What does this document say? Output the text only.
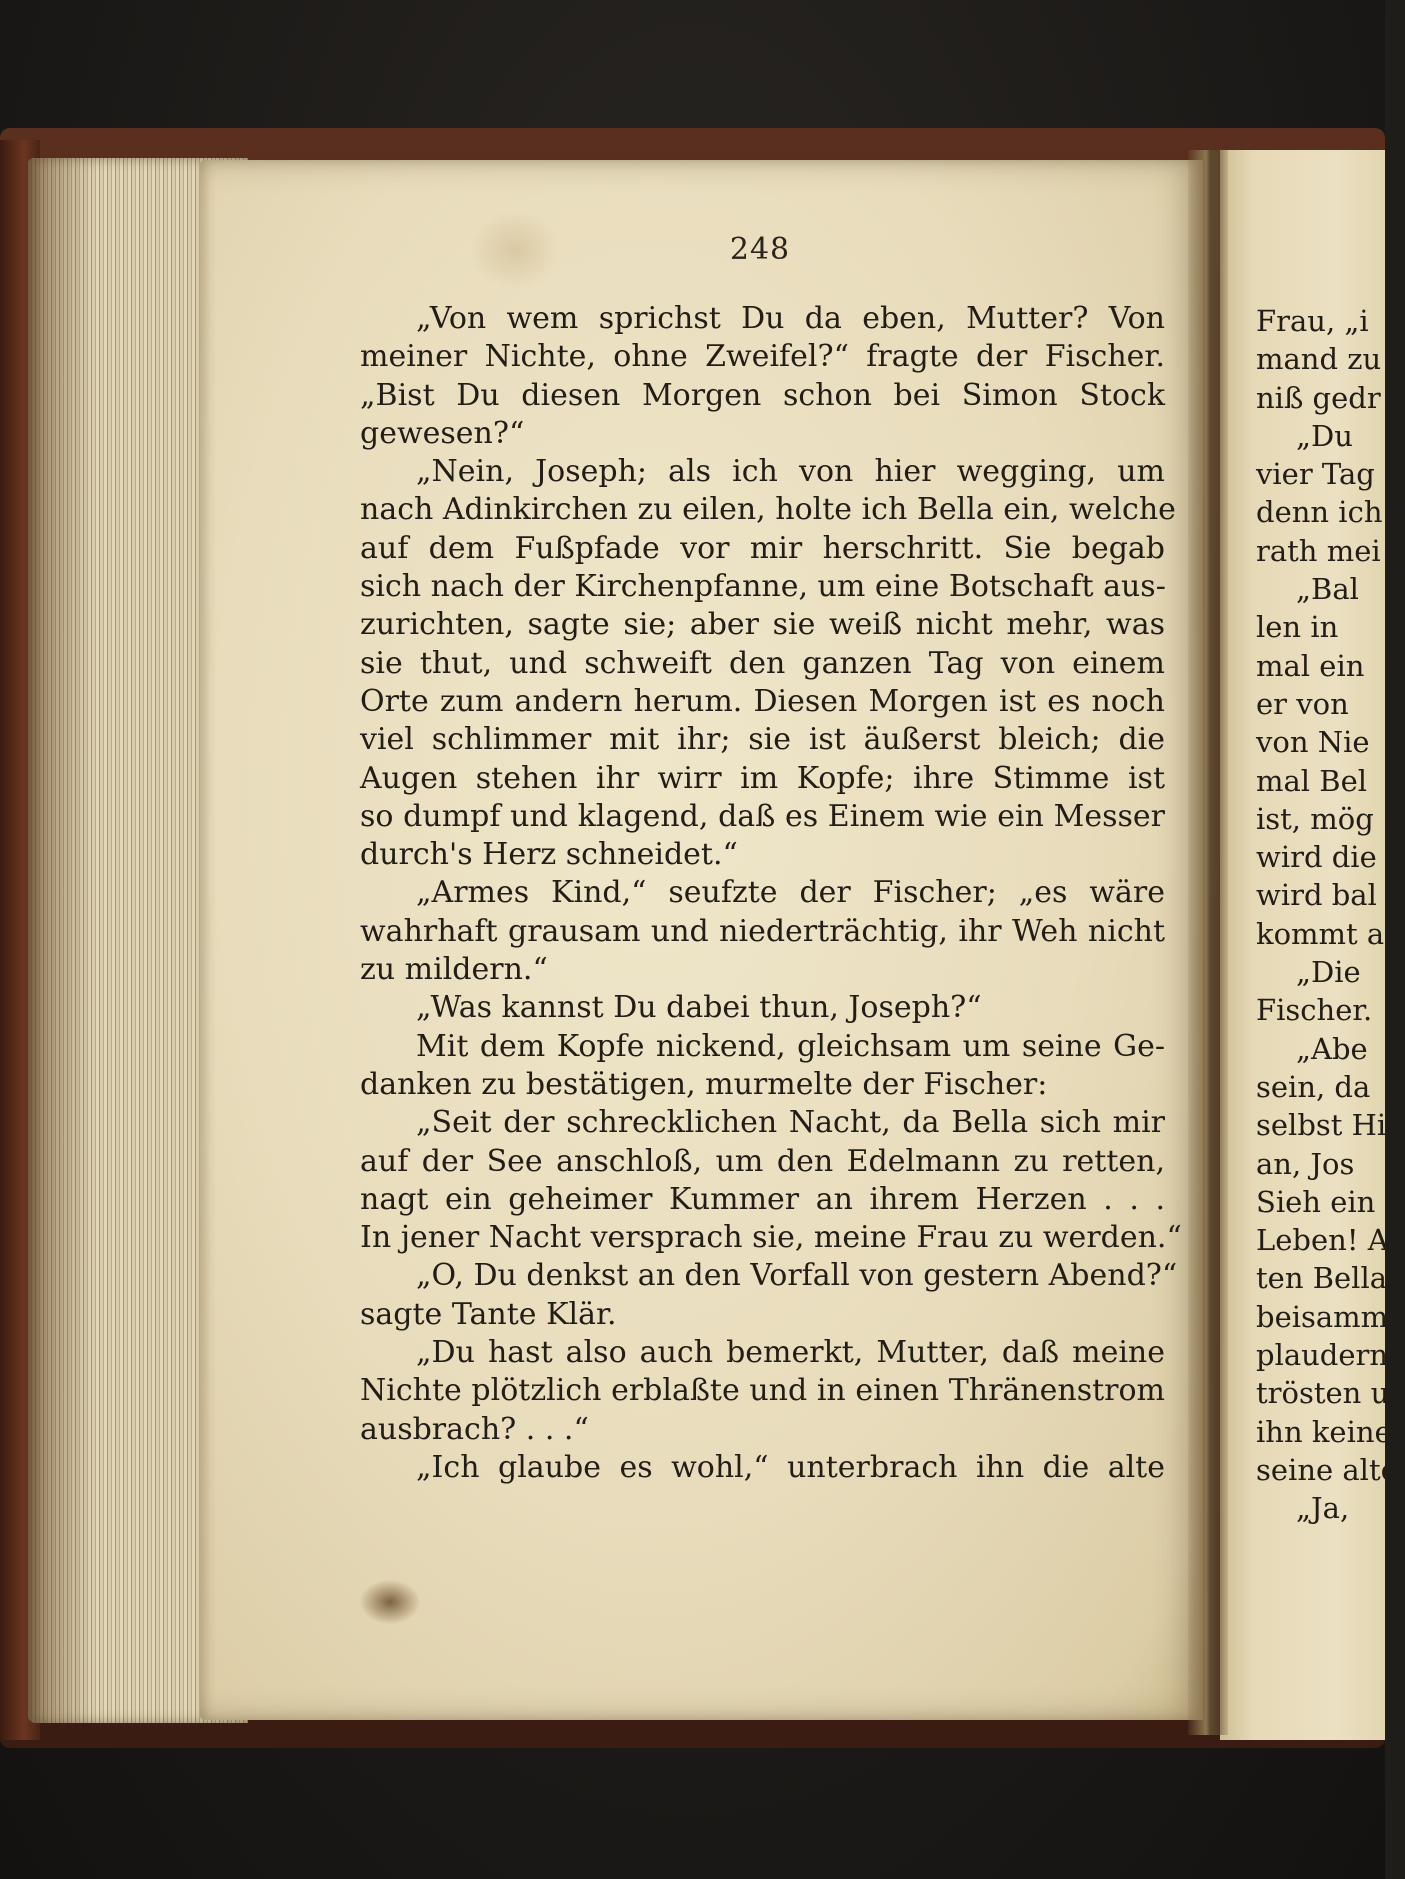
248
„Von wem sprichst Du da eben, Mutter? Von
meiner Nichte, ohne Zweifel?“ fragte der Fischer.
„Bist Du diesen Morgen schon bei Simon Stock
gewesen?“
„Nein, Joseph; als ich von hier wegging, um
nach Adinkirchen zu eilen, holte ich Bella ein, welche
auf dem Fußpfade vor mir herschritt. Sie begab
sich nach der Kirchenpfanne, um eine Botschaft aus-
zurichten, sagte sie; aber sie weiß nicht mehr, was
sie thut, und schweift den ganzen Tag von einem
Orte zum andern herum. Diesen Morgen ist es noch
viel schlimmer mit ihr; sie ist äußerst bleich; die
Augen stehen ihr wirr im Kopfe; ihre Stimme ist
so dumpf und klagend, daß es Einem wie ein Messer
durch's Herz schneidet.“
„Armes Kind,“ seufzte der Fischer; „es wäre
wahrhaft grausam und niederträchtig, ihr Weh nicht
zu mildern.“
„Was kannst Du dabei thun, Joseph?“
Mit dem Kopfe nickend, gleichsam um seine Ge-
danken zu bestätigen, murmelte der Fischer:
„Seit der schrecklichen Nacht, da Bella sich mir
auf der See anschloß, um den Edelmann zu retten,
nagt ein geheimer Kummer an ihrem Herzen . . .
In jener Nacht versprach sie, meine Frau zu werden.“
„O, Du denkst an den Vorfall von gestern Abend?“
sagte Tante Klär.
„Du hast also auch bemerkt, Mutter, daß meine
Nichte plötzlich erblaßte und in einen Thränenstrom
ausbrach? . . .“
„Ich glaube es wohl,“ unterbrach ihn die alte
Frau, „i
mand zu
niß gedr
„Du
vier Tag
denn ich
rath mei
„Bal
len in
mal ein
er von
von Nie
mal Bel
ist, mög
wird die
wird bal
kommt a
„Die
Fischer.
„Abe
sein, da
selbst Hi
an, Jos
Sieh ein
Leben! A
ten Bella
beisamme
plaudern
trösten u
ihn keine
seine alte
„Ja,
